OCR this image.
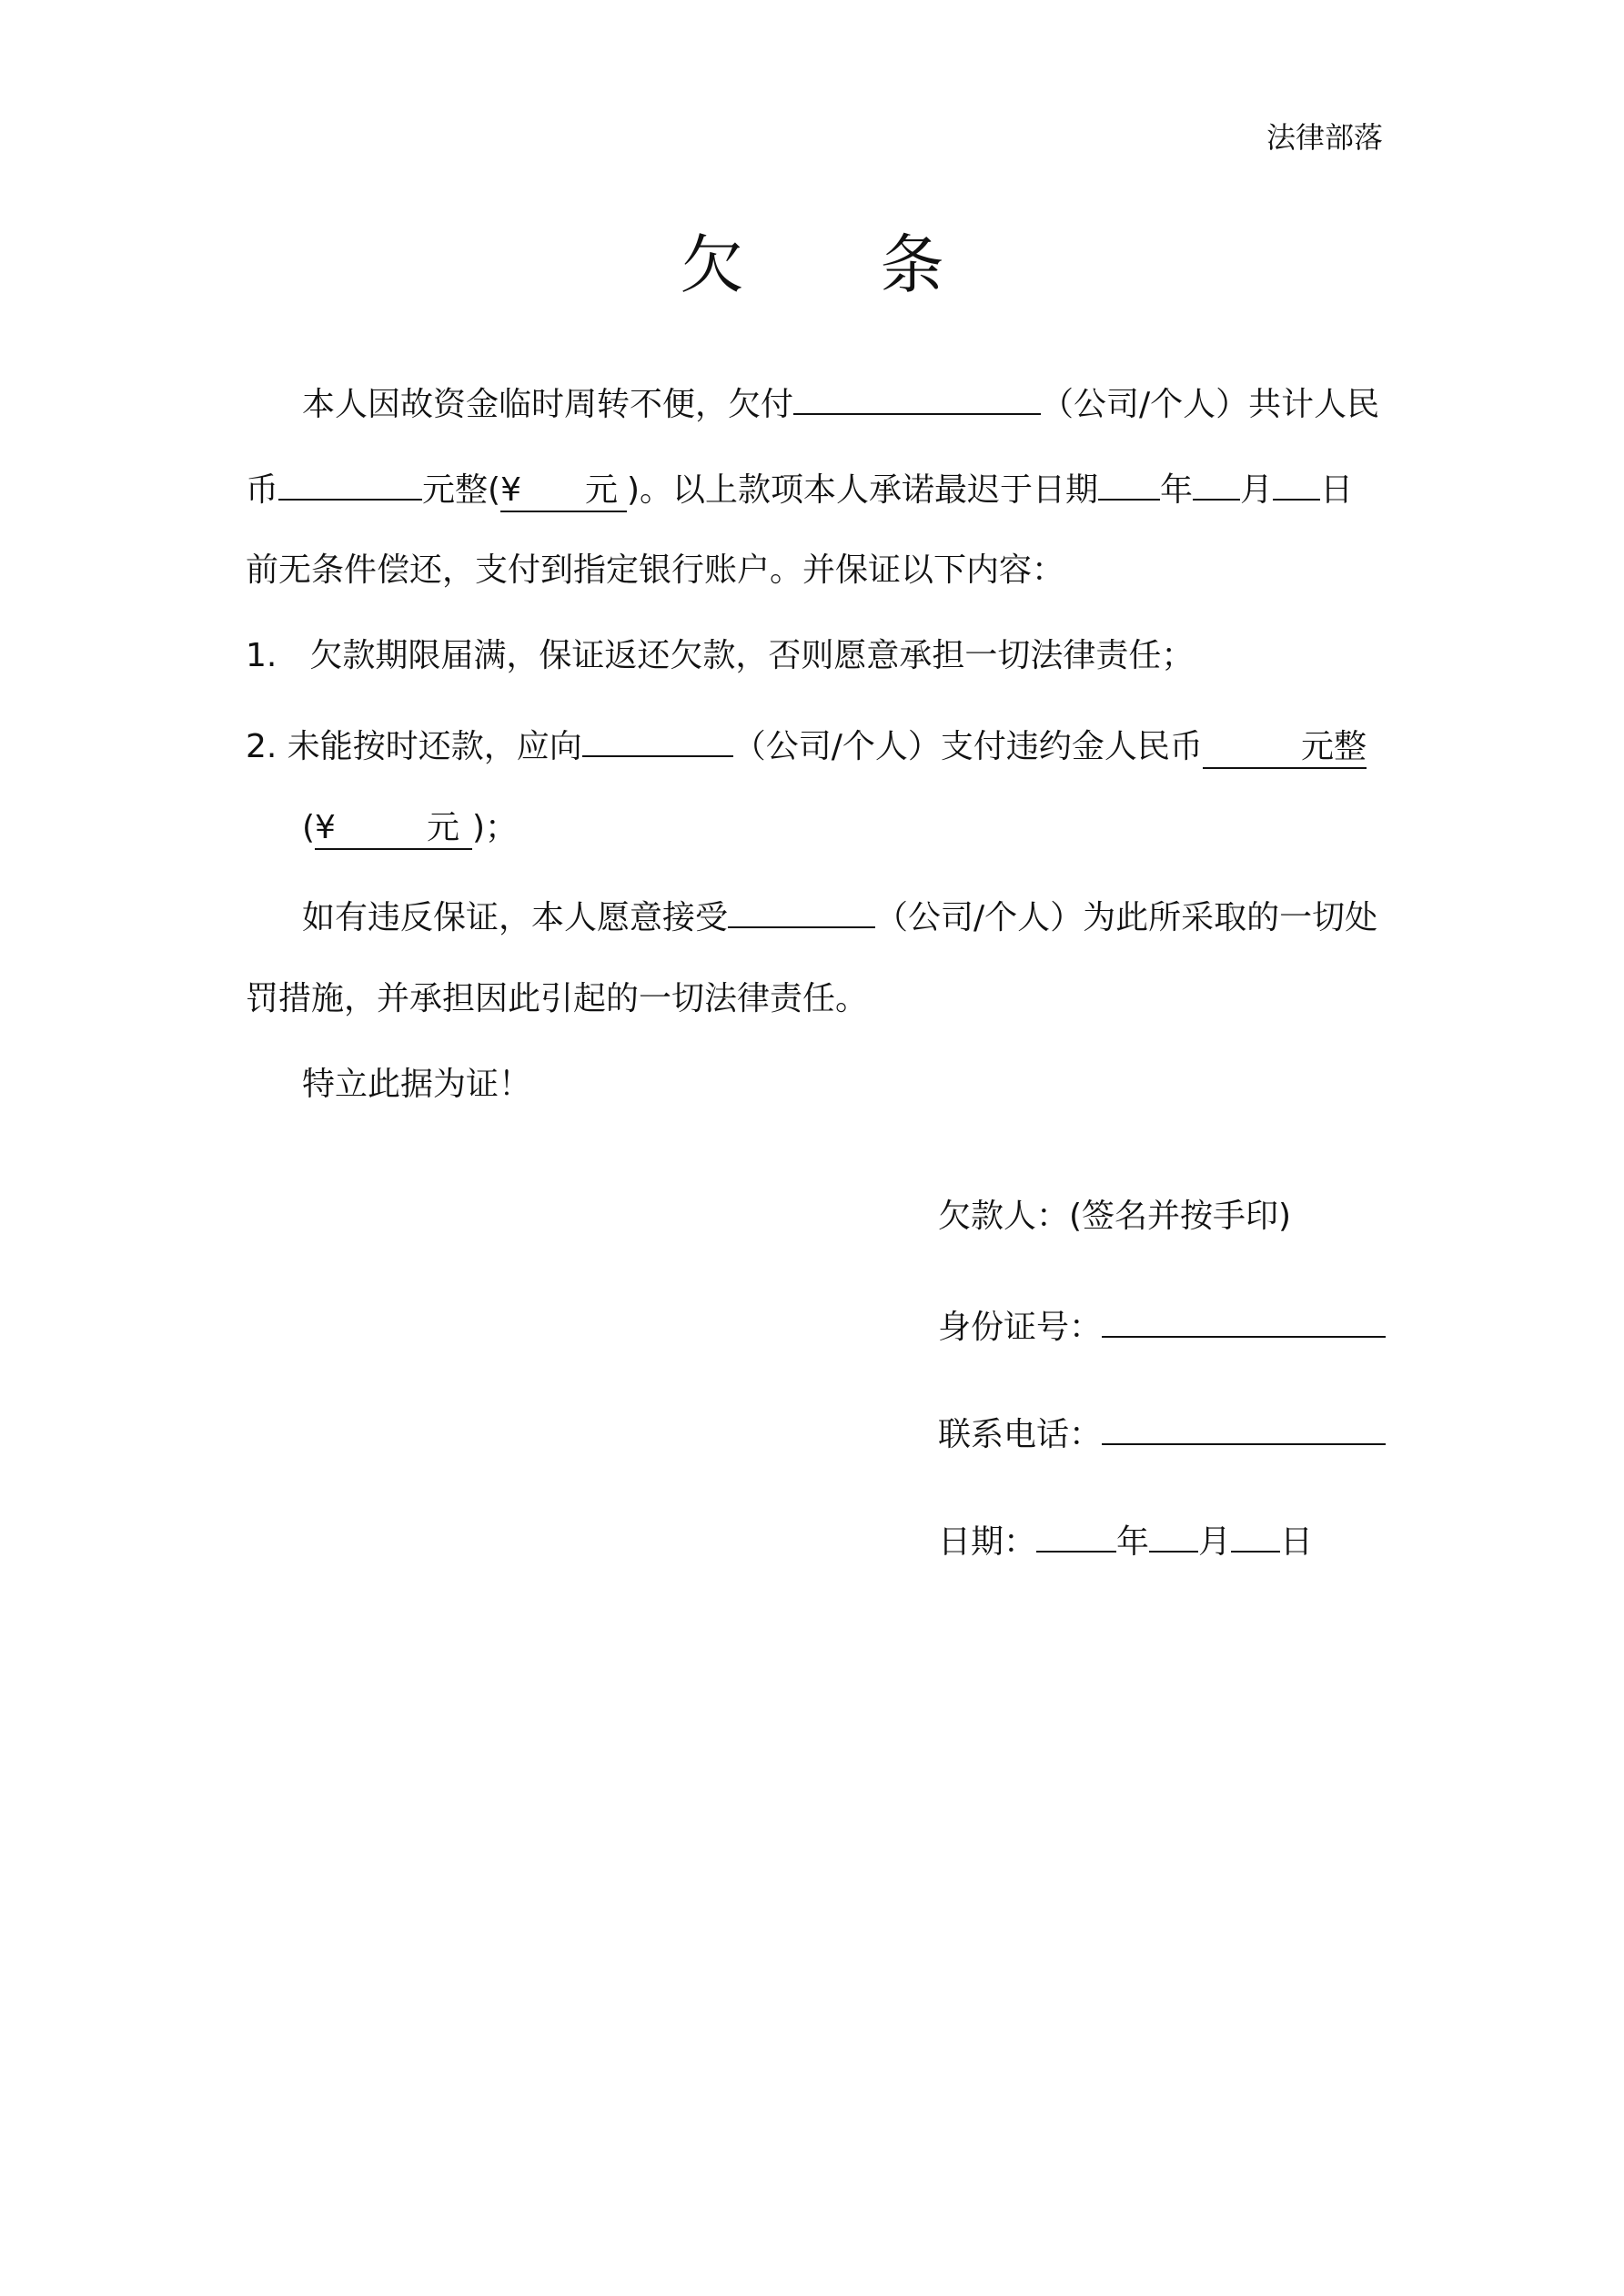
法律部落
欠 条
本人因故资金临时周转不便，欠付	（公司/个人）共计人民
币	元整(¥ 元 )。以上款项本人承诺最迟于日期 年 月 日
前无条件偿还，支付到指定银行账户。并保证以下内容：
1. 欠款期限届满，保证返还欠款，否则愿意承担一切法律责任；
2. 未能按时还款，应向	（公司/个人）支付违约金人民币	元整
(¥	元 )；
如有违反保证，本人愿意接受	（公司/个人）为此所采取的一切处
罚措施，并承担因此引起的一切法律责任。
特立此据为证！
欠款人：(签名并按手印)
身份证号：
联系电话：
日期： 年 月 日
